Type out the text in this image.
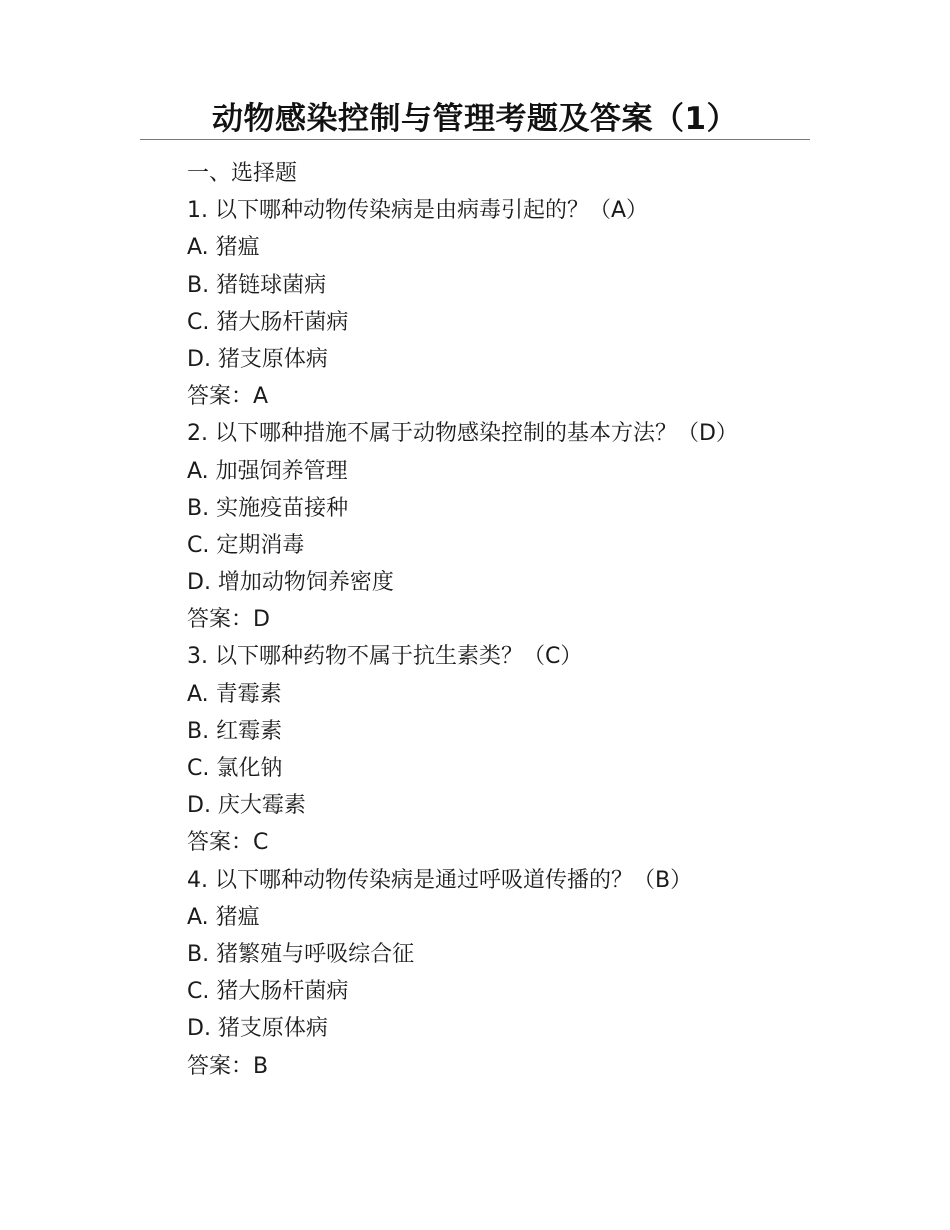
动物感染控制与管理考题及答案（1）
一、选择题
1. 以下哪种动物传染病是由病毒引起的？（A）
A. 猪瘟
B. 猪链球菌病
C. 猪大肠杆菌病
D. 猪支原体病
答案：A
2. 以下哪种措施不属于动物感染控制的基本方法？（D）
A. 加强饲养管理
B. 实施疫苗接种
C. 定期消毒
D. 增加动物饲养密度
答案：D
3. 以下哪种药物不属于抗生素类？（C）
A. 青霉素
B. 红霉素
C. 氯化钠
D. 庆大霉素
答案：C
4. 以下哪种动物传染病是通过呼吸道传播的？（B）
A. 猪瘟
B. 猪繁殖与呼吸综合征
C. 猪大肠杆菌病
D. 猪支原体病
答案：B
